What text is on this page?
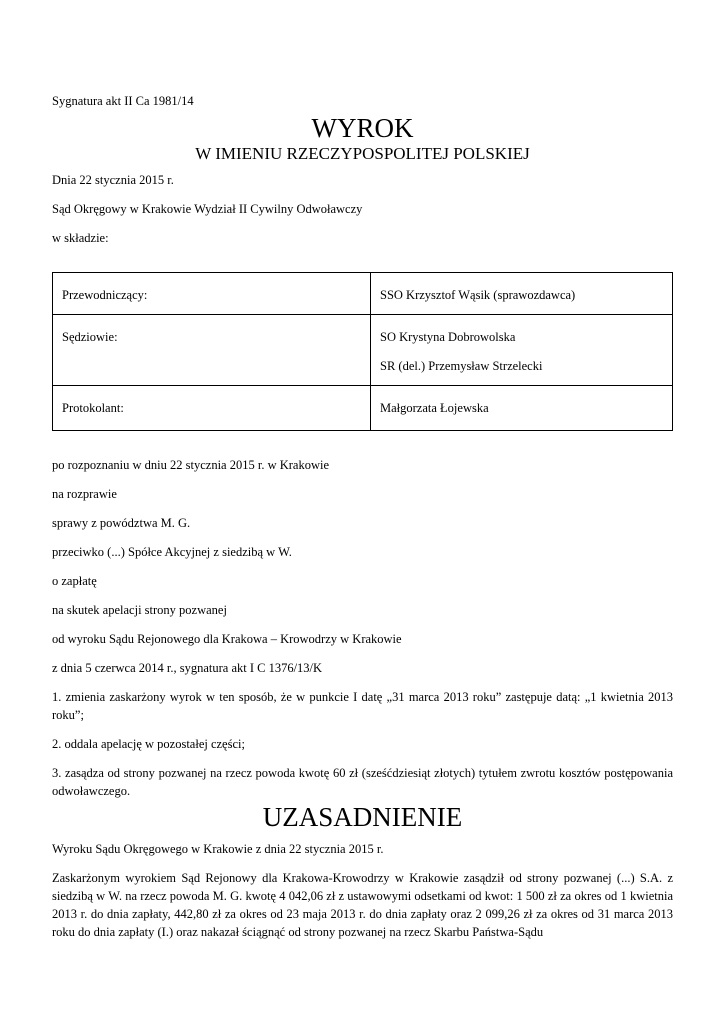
Sygnatura akt II Ca 1981/14
WYROK
W IMIENIU RZECZYPOSPOLITEJ POLSKIEJ
Dnia 22 stycznia 2015 r.
Sąd Okręgowy w Krakowie Wydział II Cywilny Odwoławczy
w składzie:
Przewodniczący:	SSO Krzysztof Wąsik (sprawozdawca)
Sędziowie:	SO Krystyna Dobrowolska
SR (del.) Przemysław Strzelecki

Protokolant:	Małgorzata Łojewska
po rozpoznaniu w dniu 22 stycznia 2015 r. w Krakowie
na rozprawie
sprawy z powództwa M. G.
przeciwko (...) Spółce Akcyjnej z siedzibą w W.
o zapłatę
na skutek apelacji strony pozwanej
od wyroku Sądu Rejonowego dla Krakowa – Krowodrzy w Krakowie
z dnia 5 czerwca 2014 r., sygnatura akt I C 1376/13/K
1. zmienia zaskarżony wyrok w ten sposób, że w punkcie I datę „31 marca 2013 roku” zastępuje datą: „1 kwietnia 2013 roku”;
2. oddala apelację w pozostałej części;
3. zasądza od strony pozwanej na rzecz powoda kwotę 60 zł (sześćdziesiąt złotych) tytułem zwrotu kosztów postępowania odwoławczego.
UZASADNIENIE
Wyroku Sądu Okręgowego w Krakowie z dnia 22 stycznia 2015 r.
Zaskarżonym wyrokiem Sąd Rejonowy dla Krakowa-Krowodrzy w Krakowie zasądził od strony pozwanej (...) S.A. z siedzibą w W. na rzecz powoda M. G. kwotę 4 042,06 zł z ustawowymi odsetkami od kwot: 1 500 zł za okres od 1 kwietnia 2013 r. do dnia zapłaty, 442,80 zł za okres od 23 maja 2013 r. do dnia zapłaty oraz 2 099,26 zł za okres od 31 marca 2013 roku do dnia zapłaty (I.) oraz nakazał ściągnąć od strony pozwanej na rzecz Skarbu Państwa-Sądu
